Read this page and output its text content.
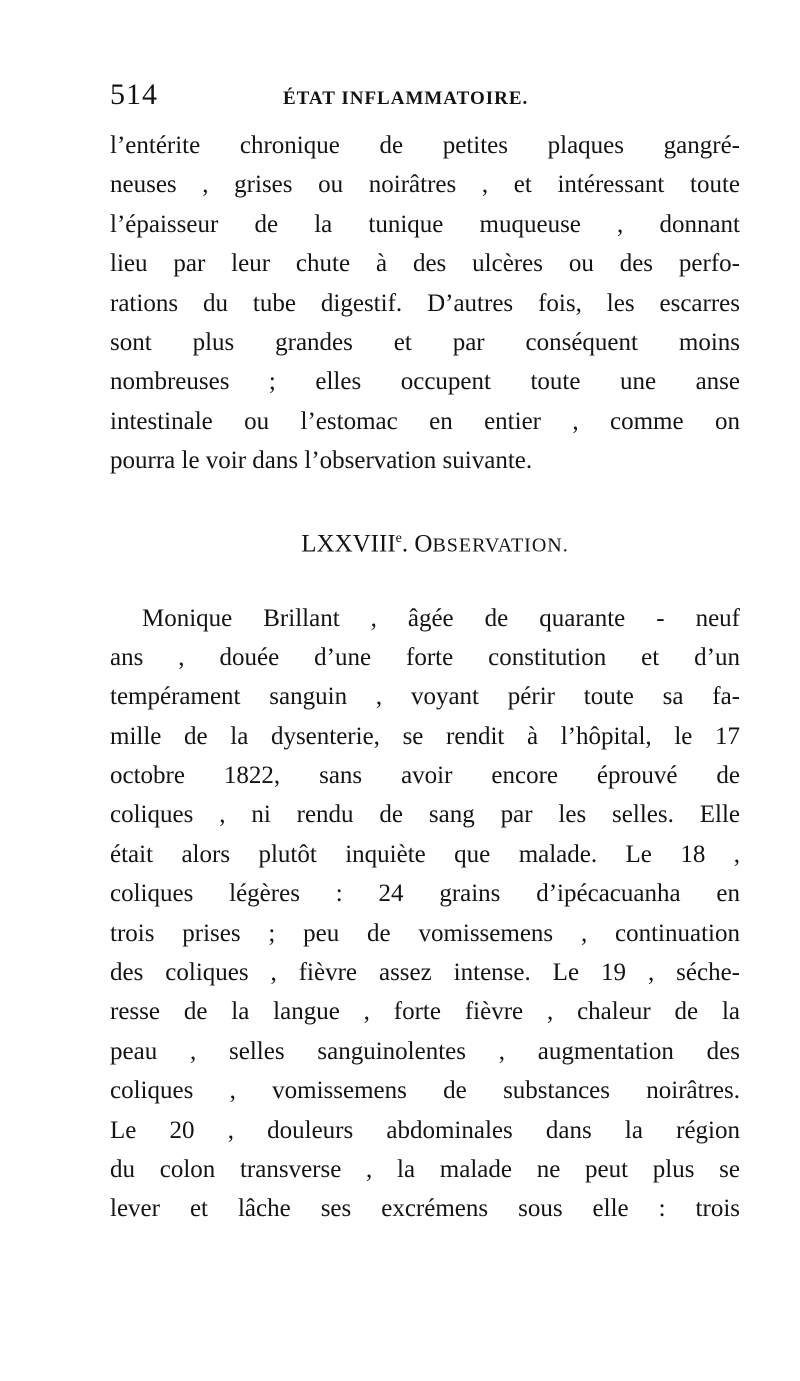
514	ÉTAT INFLAMMATOIRE.
l’entérite chronique de petites plaques gangré-
neuses , grises ou noirâtres , et intéressant toute
l’épaisseur de la tunique muqueuse , donnant
lieu par leur chute à des ulcères ou des perfo-
rations du tube digestif. D’autres fois, les escarres
sont plus grandes et par conséquent moins
nombreuses ; elles occupent toute une anse
intestinale ou l’estomac en entier , comme on
pourra le voir dans l’observation suivante.
LXXVIIIe. OBSERVATION.
Monique Brillant , âgée de quarante - neuf
ans , douée d’une forte constitution et d’un
tempérament sanguin , voyant périr toute sa fa-
mille de la dysenterie, se rendit à l’hôpital, le 17
octobre 1822, sans avoir encore éprouvé de
coliques , ni rendu de sang par les selles. Elle
était alors plutôt inquiète que malade. Le 18 ,
coliques légères : 24 grains d’ipécacuanha en
trois prises ; peu de vomissemens , continuation
des coliques , fièvre assez intense. Le 19 , séche-
resse de la langue , forte fièvre , chaleur de la
peau , selles sanguinolentes , augmentation des
coliques , vomissemens de substances noirâtres.
Le 20 , douleurs abdominales dans la région
du colon transverse , la malade ne peut plus se
lever et lâche ses excrémens sous elle : trois
